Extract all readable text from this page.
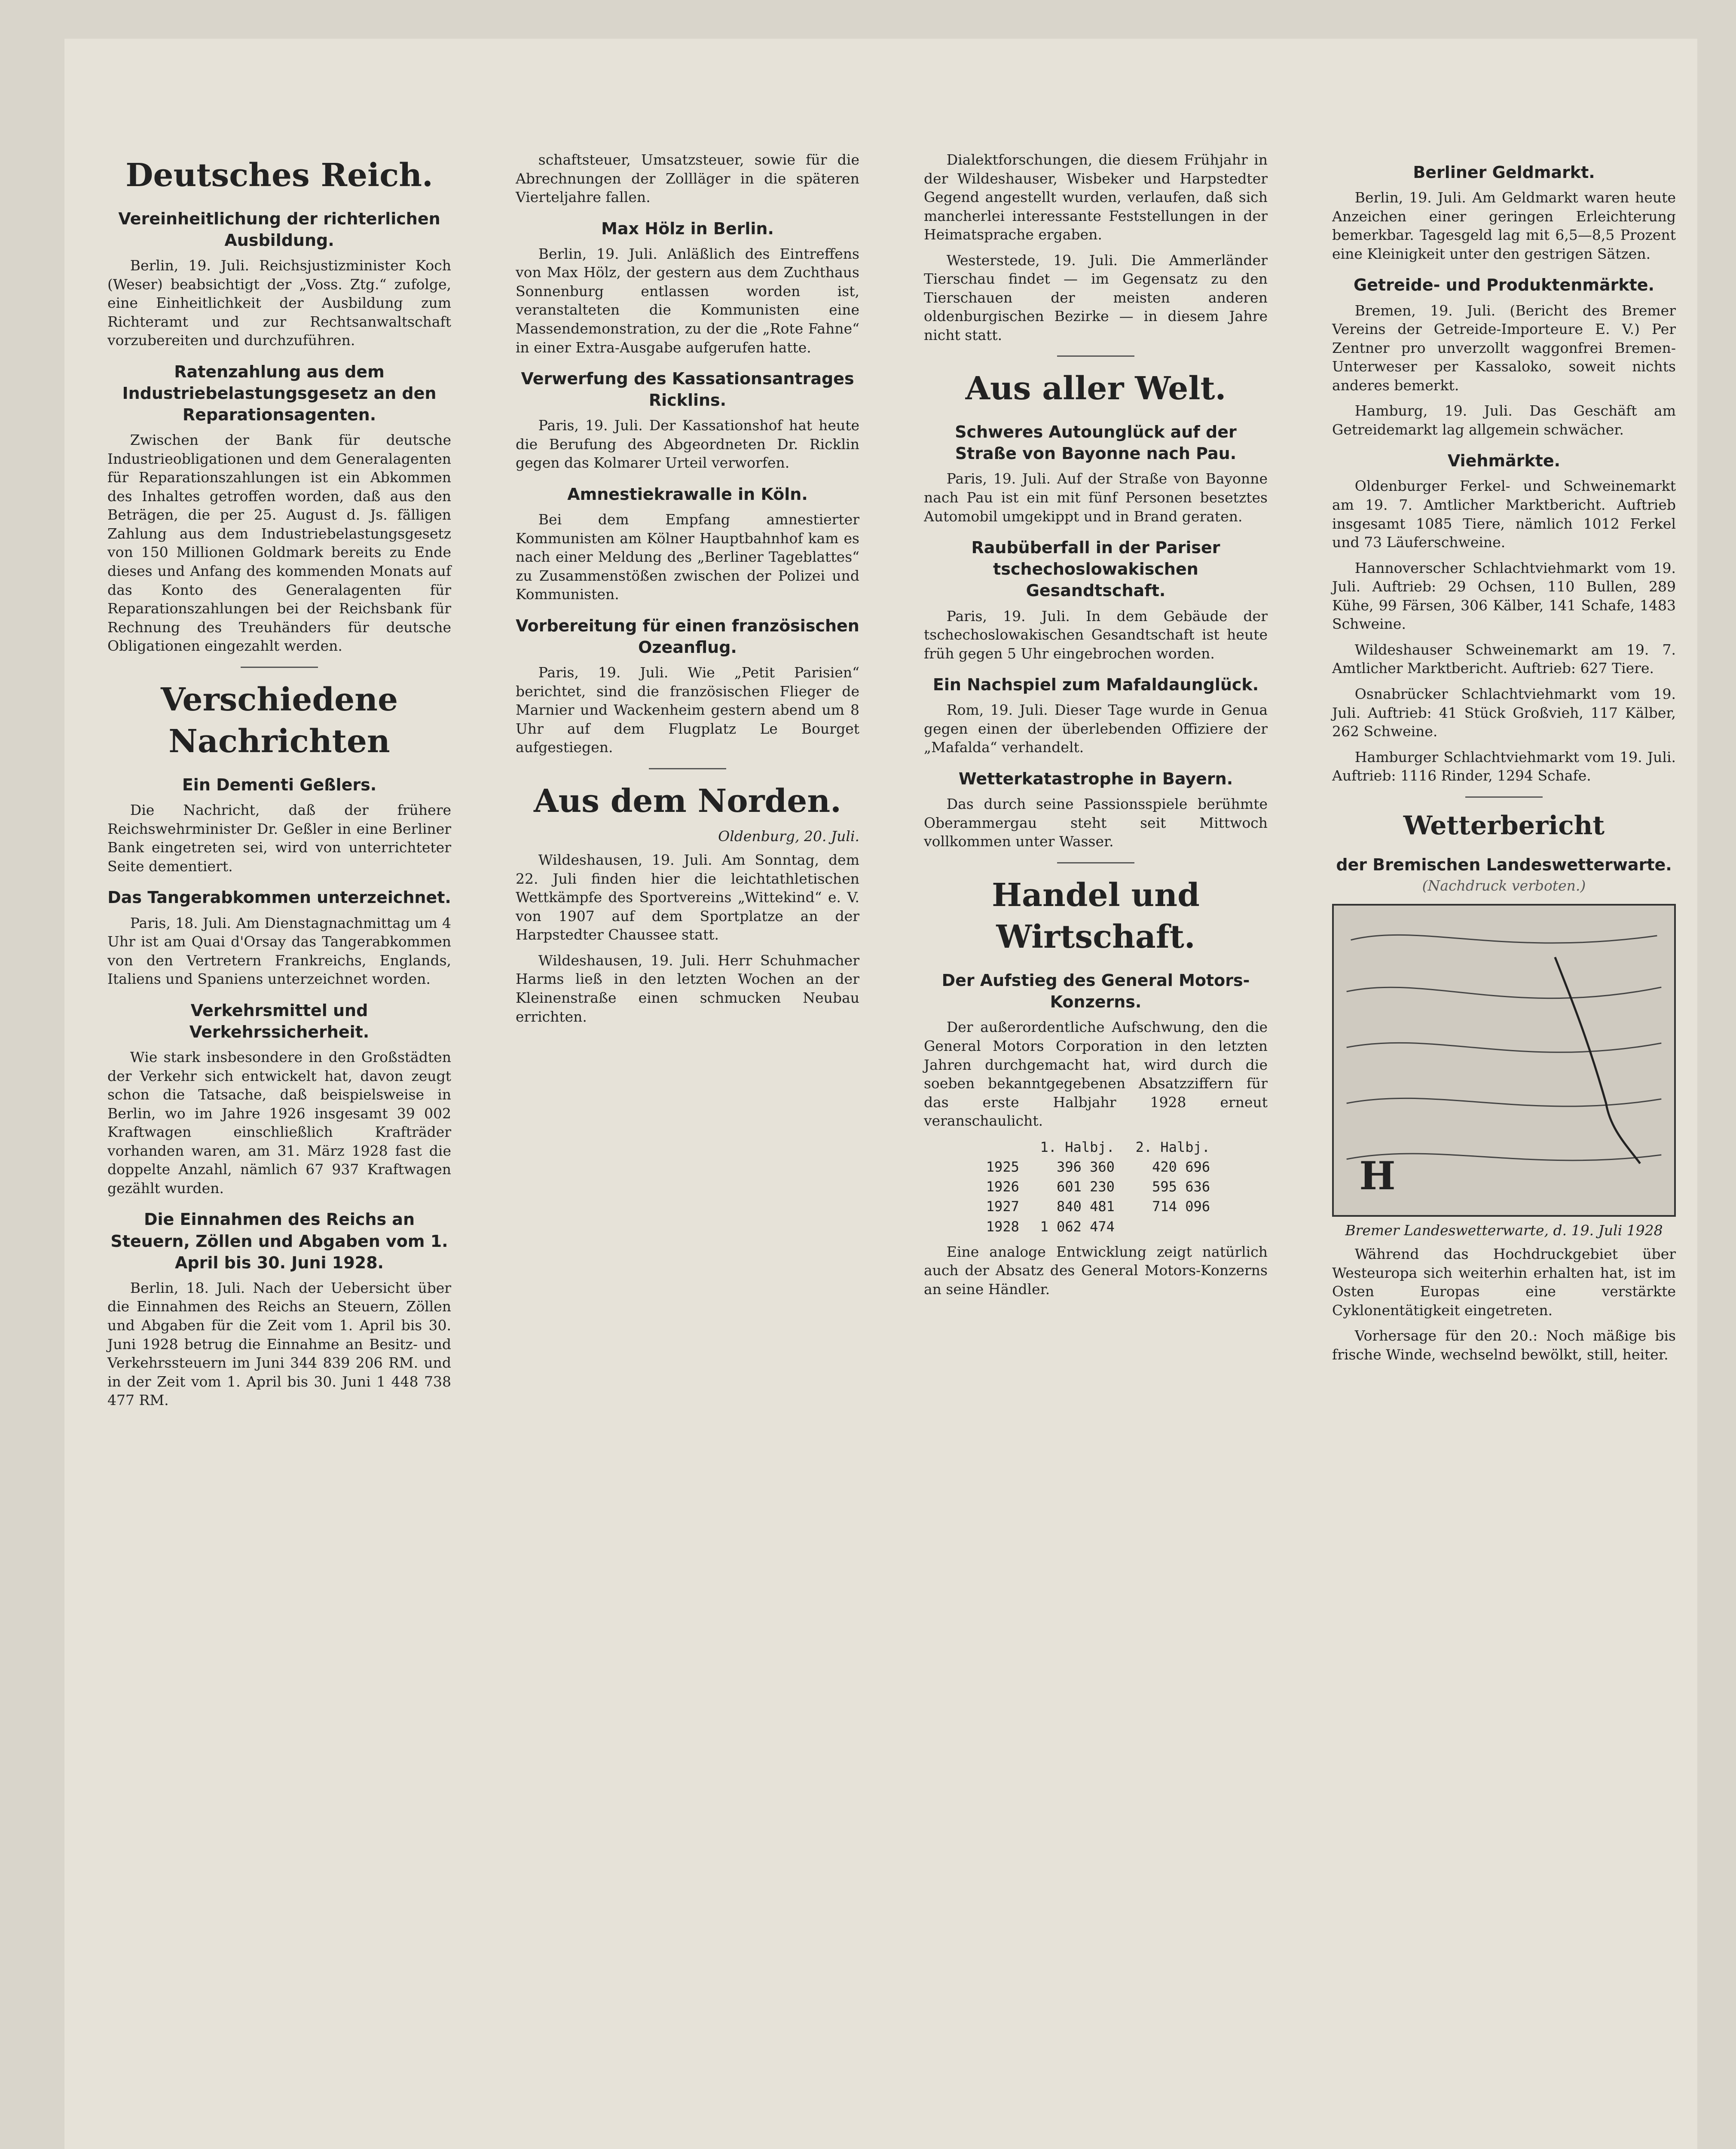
Deutsches Reich.
Vereinheitlichung der richterlichen Ausbildung.

Berlin, 19. Juli. Reichsjustizminister Koch (Weser) beabsichtigt der „Voss. Ztg.“ zufolge, eine Einheitlichkeit der Ausbildung zum Richteramt und zur Rechtsanwaltschaft vorzubereiten und durchzuführen.

Ratenzahlung aus dem Industriebelastungsgesetz an den Reparationsagenten.

Zwischen der Bank für deutsche Industrieobligationen und dem Generalagenten für Reparationszahlungen ist ein Abkommen des Inhaltes getroffen worden, daß aus den Beträgen, die per 25. August d. Js. fälligen Zahlung aus dem Industriebelastungsgesetz von 150 Millionen Goldmark bereits zu Ende dieses und Anfang des kommenden Monats auf das Konto des Generalagenten für Reparationszahlungen bei der Reichsbank für Rechnung des Treuhänders für deutsche Obligationen eingezahlt werden.

Verschiedene Nachrichten
Ein Dementi Geßlers.

Die Nachricht, daß der frühere Reichswehrminister Dr. Geßler in eine Berliner Bank eingetreten sei, wird von unterrichteter Seite dementiert.

Das Tangerabkommen unterzeichnet.

Paris, 18. Juli. Am Dienstagnachmittag um 4 Uhr ist am Quai d'Orsay das Tangerabkommen von den Vertretern Frankreichs, Englands, Italiens und Spaniens unterzeichnet worden.

Verkehrsmittel und Verkehrssicherheit.

Wie stark insbesondere in den Großstädten der Verkehr sich entwickelt hat, davon zeugt schon die Tatsache, daß beispielsweise in Berlin, wo im Jahre 1926 insgesamt 39 002 Kraftwagen einschließlich Krafträder vorhanden waren, am 31. März 1928 fast die doppelte Anzahl, nämlich 67 937 Kraftwagen gezählt wurden.

Die Einnahmen des Reichs an Steuern, Zöllen und Abgaben vom 1. April bis 30. Juni 1928.

Berlin, 18. Juli. Nach der Uebersicht über die Einnahmen des Reichs an Steuern, Zöllen und Abgaben für die Zeit vom 1. April bis 30. Juni 1928 betrug die Einnahme an Besitz- und Verkehrssteuern im Juni 344 839 206 RM. und in der Zeit vom 1. April bis 30. Juni 1 448 738 477 RM.

schaftsteuer, Umsatzsteuer, sowie für die Abrechnungen der Zollläger in die späteren Vierteljahre fallen.

Max Hölz in Berlin.

Berlin, 19. Juli. Anläßlich des Eintreffens von Max Hölz, der gestern aus dem Zuchthaus Sonnenburg entlassen worden ist, veranstalteten die Kommunisten eine Massendemonstration, zu der die „Rote Fahne“ in einer Extra-Ausgabe aufgerufen hatte.

Verwerfung des Kassationsantrages Ricklins.

Paris, 19. Juli. Der Kassationshof hat heute die Berufung des Abgeordneten Dr. Ricklin gegen das Kolmarer Urteil verworfen.

Amnestiekrawalle in Köln.

Bei dem Empfang amnestierter Kommunisten am Kölner Hauptbahnhof kam es nach einer Meldung des „Berliner Tageblattes“ zu Zusammenstößen zwischen der Polizei und Kommunisten.

Vorbereitung für einen französischen Ozeanflug.

Paris, 19. Juli. Wie „Petit Parisien“ berichtet, sind die französischen Flieger de Marnier und Wackenheim gestern abend um 8 Uhr auf dem Flugplatz Le Bourget aufgestiegen.

Aus dem Norden.
Oldenburg, 20. Juli.

Wildeshausen, 19. Juli. Am Sonntag, dem 22. Juli finden hier die leichtathletischen Wettkämpfe des Sportvereins „Wittekind“ e. V. von 1907 auf dem Sportplatze an der Harpstedter Chaussee statt.

Wildeshausen, 19. Juli. Herr Schuhmacher Harms ließ in den letzten Wochen an der Kleinenstraße einen schmucken Neubau errichten.

Dialektforschungen, die diesem Frühjahr in der Wildeshauser, Wisbeker und Harpstedter Gegend angestellt wurden, verlaufen, daß sich mancherlei interessante Feststellungen in der Heimatsprache ergaben.

Westerstede, 19. Juli. Die Ammerländer Tierschau findet — im Gegensatz zu den Tierschauen der meisten anderen oldenburgischen Bezirke — in diesem Jahre nicht statt.

Aus aller Welt.
Schweres Autounglück auf der Straße von Bayonne nach Pau.

Paris, 19. Juli. Auf der Straße von Bayonne nach Pau ist ein mit fünf Personen besetztes Automobil umgekippt und in Brand geraten.

Raubüberfall in der Pariser tschechoslowakischen Gesandtschaft.

Paris, 19. Juli. In dem Gebäude der tschechoslowakischen Gesandtschaft ist heute früh gegen 5 Uhr eingebrochen worden.

Ein Nachspiel zum Mafaldaunglück.

Rom, 19. Juli. Dieser Tage wurde in Genua gegen einen der überlebenden Offiziere der „Mafalda“ verhandelt.

Wetterkatastrophe in Bayern.

Das durch seine Passionsspiele berühmte Oberammergau steht seit Mittwoch vollkommen unter Wasser.

Handel und Wirtschaft.
Der Aufstieg des General Motors-Konzerns.

Der außerordentliche Aufschwung, den die General Motors Corporation in den letzten Jahren durchgemacht hat, wird durch die soeben bekanntgegebenen Absatzziffern für das erste Halbjahr 1928 erneut veranschaulicht.

	1. Halbj.	2. Halbj.
1925	396 360	420 696
1926	601 230	595 636
1927	840 481	714 096
1928	1 062 474	

Eine analoge Entwicklung zeigt natürlich auch der Absatz des General Motors-Konzerns an seine Händler.

Berliner Geldmarkt.

Berlin, 19. Juli. Am Geldmarkt waren heute Anzeichen einer geringen Erleichterung bemerkbar. Tagesgeld lag mit 6,5—8,5 Prozent eine Kleinigkeit unter den gestrigen Sätzen.

Getreide- und Produktenmärkte.

Bremen, 19. Juli. (Bericht des Bremer Vereins der Getreide-Importeure E. V.) Per Zentner pro unverzollt waggonfrei Bremen-Unterweser per Kassaloko, soweit nichts anderes bemerkt.

Hamburg, 19. Juli. Das Geschäft am Getreidemarkt lag allgemein schwächer.

Viehmärkte.

Oldenburger Ferkel- und Schweinemarkt am 19. 7. Amtlicher Marktbericht. Auftrieb insgesamt 1085 Tiere, nämlich 1012 Ferkel und 73 Läuferschweine.

Hannoverscher Schlachtviehmarkt vom 19. Juli. Auftrieb: 29 Ochsen, 110 Bullen, 289 Kühe, 99 Färsen, 306 Kälber, 141 Schafe, 1483 Schweine.

Wildeshauser Schweinemarkt am 19. 7. Amtlicher Marktbericht. Auftrieb: 627 Tiere.

Osnabrücker Schlachtviehmarkt vom 19. Juli. Auftrieb: 41 Stück Großvieh, 117 Kälber, 262 Schweine.

Hamburger Schlachtviehmarkt vom 19. Juli. Auftrieb: 1116 Rinder, 1294 Schafe.

Wetterbericht
der Bremischen Landeswetterwarte.
(Nachdruck verboten.)
H
Bremer Landeswetterwarte, d. 19. Juli 1928

Während das Hochdruckgebiet über Westeuropa sich weiterhin erhalten hat, ist im Osten Europas eine verstärkte Cyklonentätigkeit eingetreten.

Vorhersage für den 20.: Noch mäßige bis frische Winde, wechselnd bewölkt, still, heiter.
